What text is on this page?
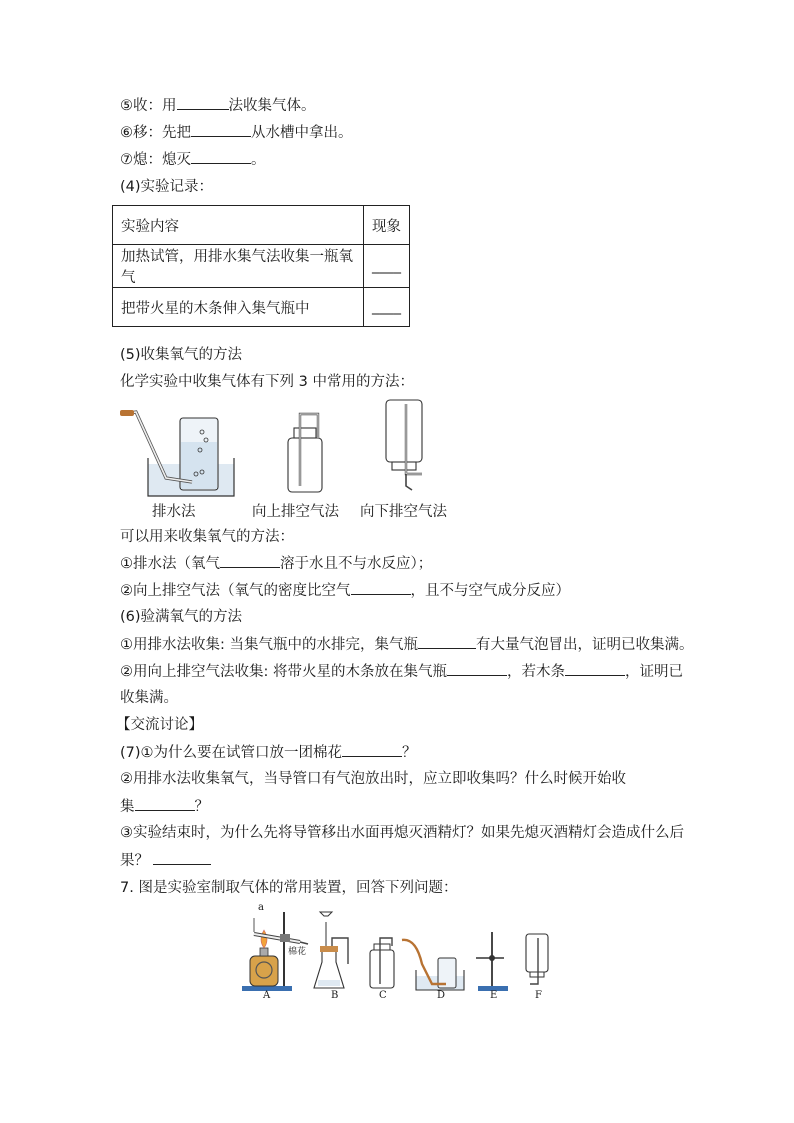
⑤收：用	法收集气体。
⑥移：先把	从水槽中拿出。
⑦熄：熄灭	。
(4)实验记录：
实验内容	现象
加热试管，用排水集气法收集一瓶氧气	____
把带火星的木条伸入集气瓶中	____
(5)收集氧气的方法
化学实验中收集气体有下列 3 中常用的方法：
排水法	向上排空气法 向下排空气法
可以用来收集氧气的方法：
①排水法（氧气	溶于水且不与水反应）；
②向上排空气法（氧气的密度比空气	，且不与空气成分反应）
(6)验满氧气的方法
①用排水法收集: 当集气瓶中的水排完，集气瓶	有大量气泡冒出，证明已收集满。
②用向上排空气法收集: 将带火星的木条放在集气瓶	，若木条	，证明已
收集满。
【交流讨论】
(7)①为什么要在试管口放一团棉花	？
②用排水法收集氧气，当导管口有气泡放出时，应立即收集吗？什么时候开始收
集	？
③实验结束时，为什么先将导管移出水面再熄灭酒精灯？如果先熄灭酒精灯会造成什么后
果？
7. 图是实验室制取气体的常用装置，回答下列问题：
a
棉花
A	B	C	D	E	F
